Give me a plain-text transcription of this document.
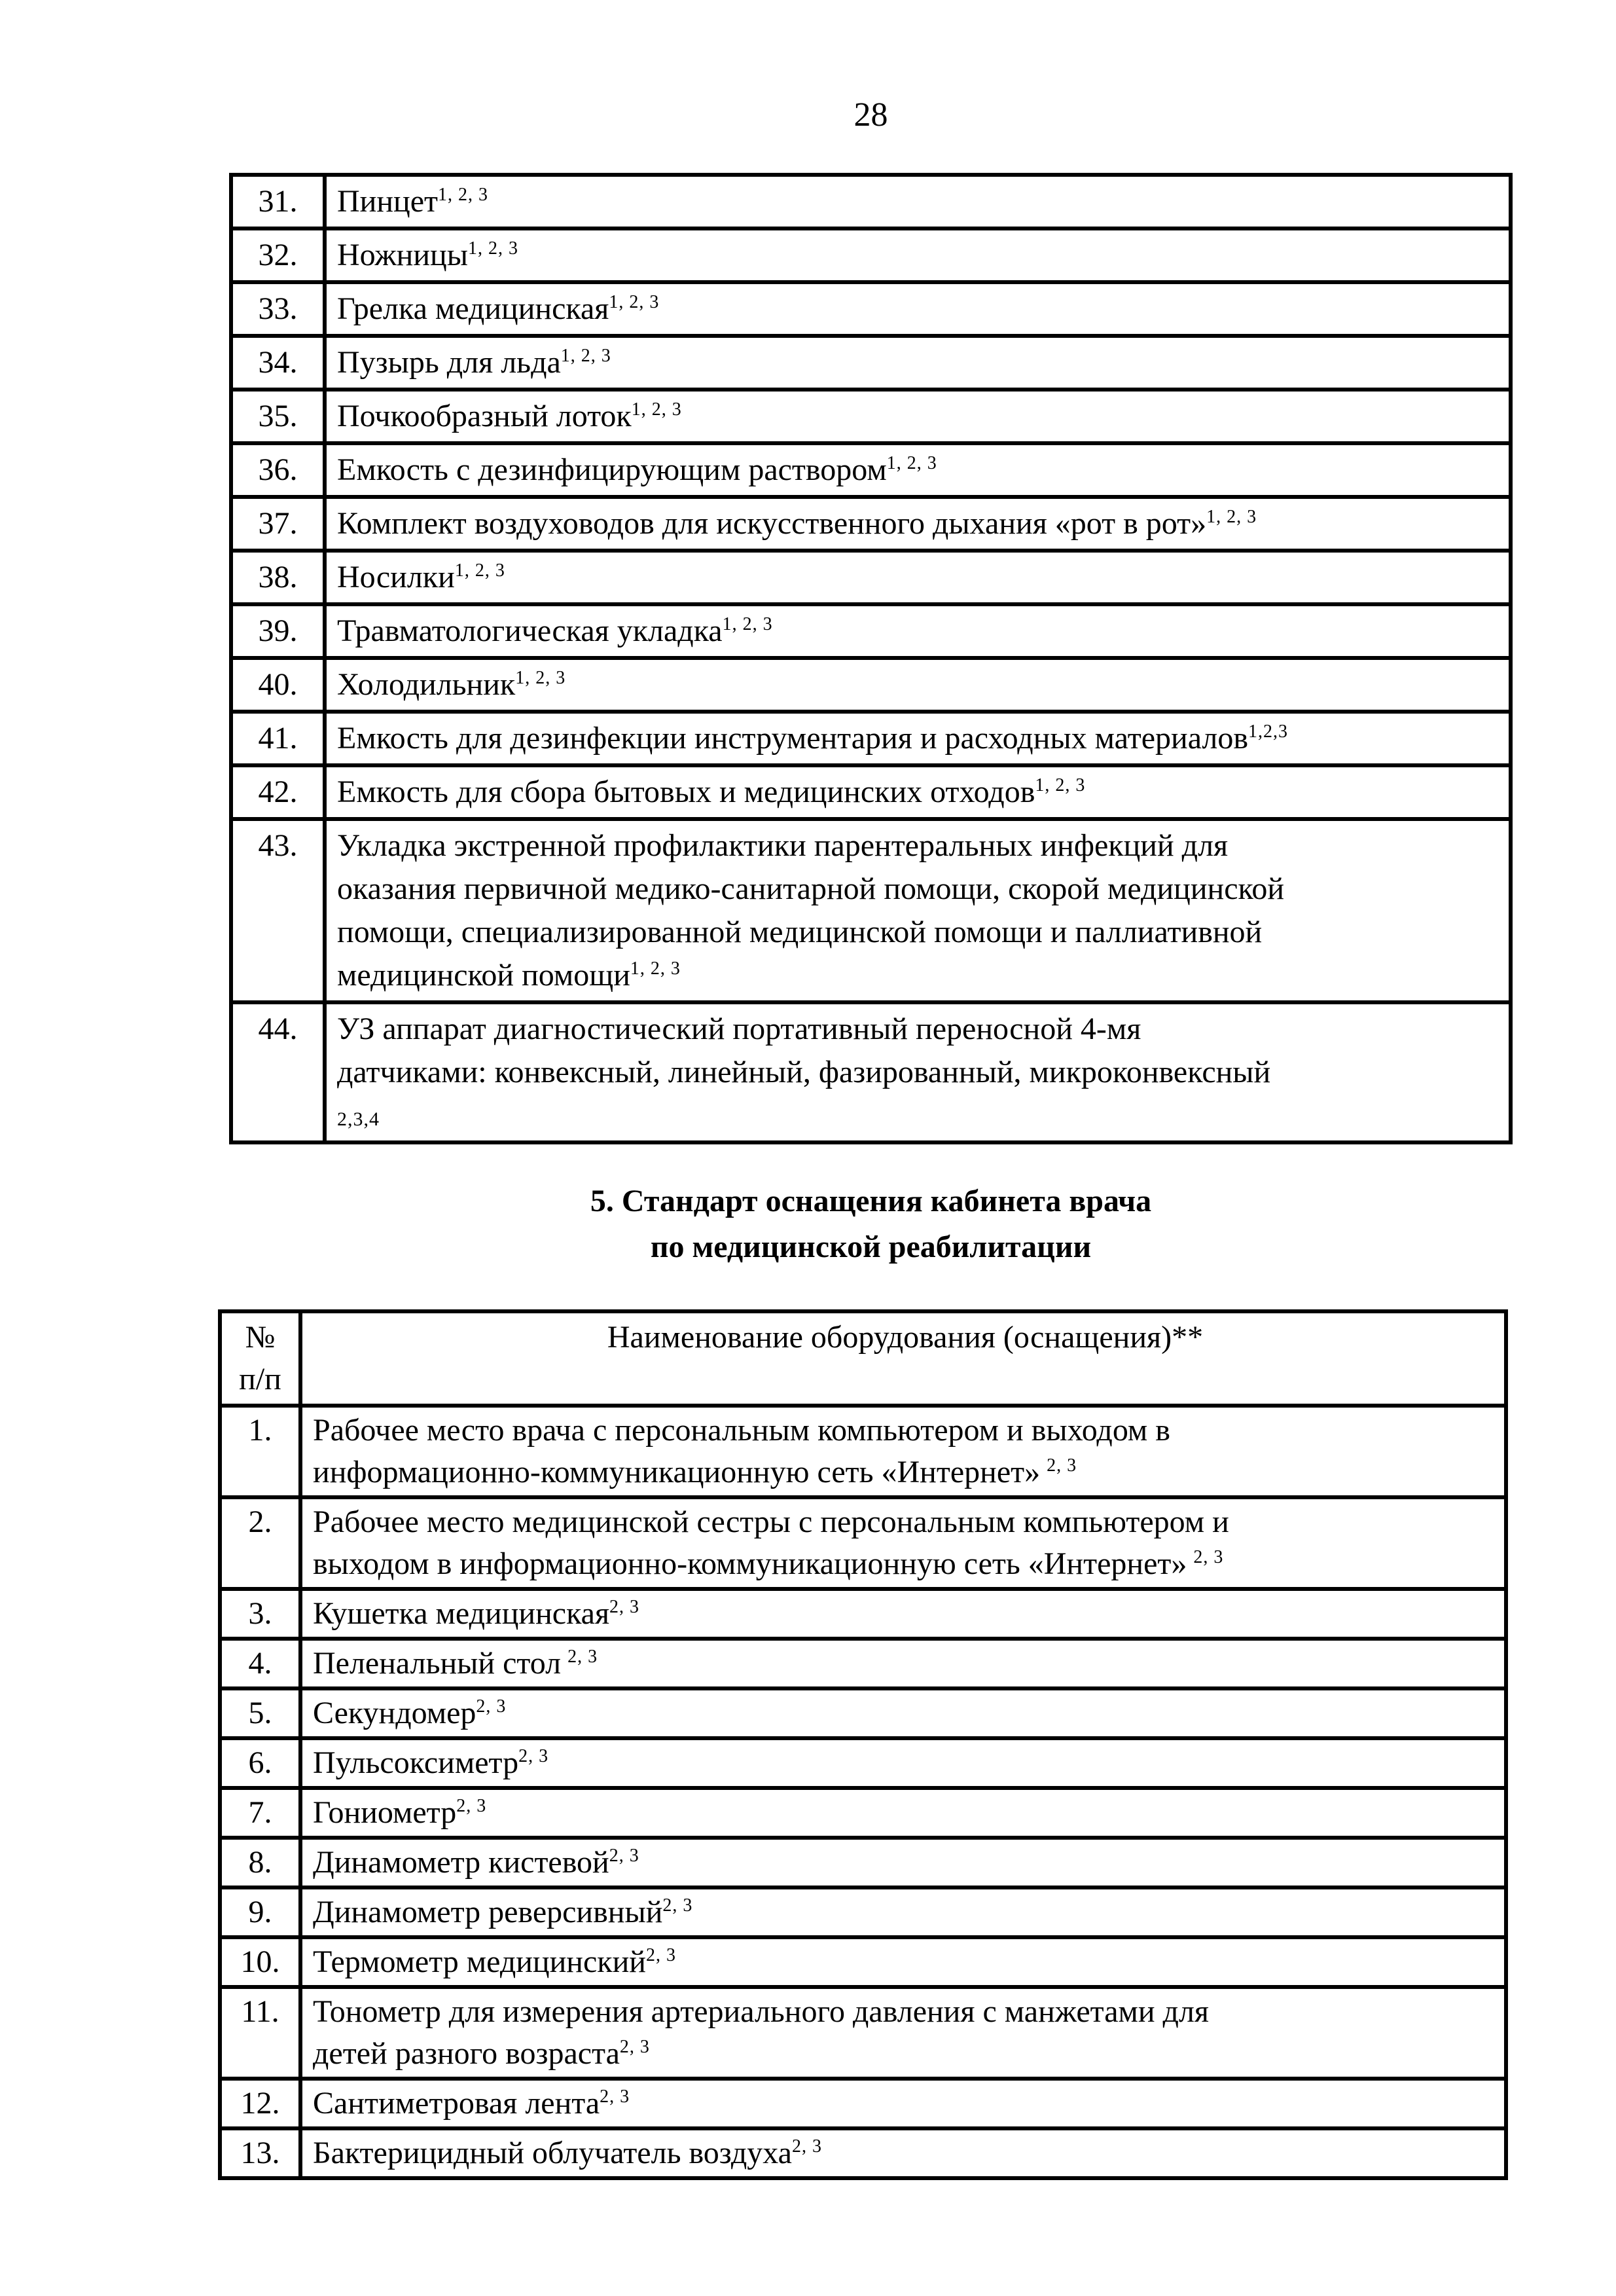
28
31.	Пинцет$^{1, 2, 3}$
32.	Ножницы$^{1, 2, 3}$
33.	Грелка медицинская$^{1, 2, 3}$
34.	Пузырь для льда$^{1, 2, 3}$
35.	Почкообразный лоток$^{1, 2, 3}$
36.	Емкость с дезинфицирующим раствором$^{1, 2, 3}$
37.	Комплект воздуховодов для искусственного дыхания «рот в рот»$^{1, 2, 3}$
38.	Носилки$^{1, 2, 3}$
39.	Травматологическая укладка$^{1, 2, 3}$
40.	Холодильник$^{1, 2, 3}$
41.	Емкость для дезинфекции инструментария и расходных материалов$^{1,2,3}$
42.	Емкость для сбора бытовых и медицинских отходов$^{1, 2, 3}$
43.	Укладка экстренной профилактики парентеральных инфекций для
оказания первичной медико-санитарной помощи, скорой медицинской
помощи, специализированной медицинской помощи и паллиативной
медицинской помощи$^{1, 2, 3}$
44.	УЗ аппарат диагностический портативный переносной 4-мя
датчиками: конвексный, линейный, фазированный, микроконвексный
2,3,4
5. Стандарт оснащения кабинета врача
по медицинской реабилитации
№
п/п	Наименование оборудования (оснащения)**
1.	Рабочее место врача с персональным компьютером и выходом в
информационно-коммуникационную сеть «Интернет» $^{2, 3}$
2.	Рабочее место медицинской сестры с персональным компьютером и
выходом в информационно-коммуникационную сеть «Интернет» $^{2, 3}$
3.	Кушетка медицинская$^{2, 3}$
4.	Пеленальный стол $^{2, 3}$
5.	Секундомер$^{2, 3}$
6.	Пульсоксиметр$^{2, 3}$
7.	Гониометр$^{2, 3}$
8.	Динамометр кистевой$^{2, 3}$
9.	Динамометр реверсивный$^{2, 3}$
10.	Термометр медицинский$^{2, 3}$
11.	Тонометр для измерения артериального давления с манжетами для
детей разного возраста$^{2, 3}$
12.	Сантиметровая лента$^{2, 3}$
13.	Бактерицидный облучатель воздуха$^{2, 3}$
